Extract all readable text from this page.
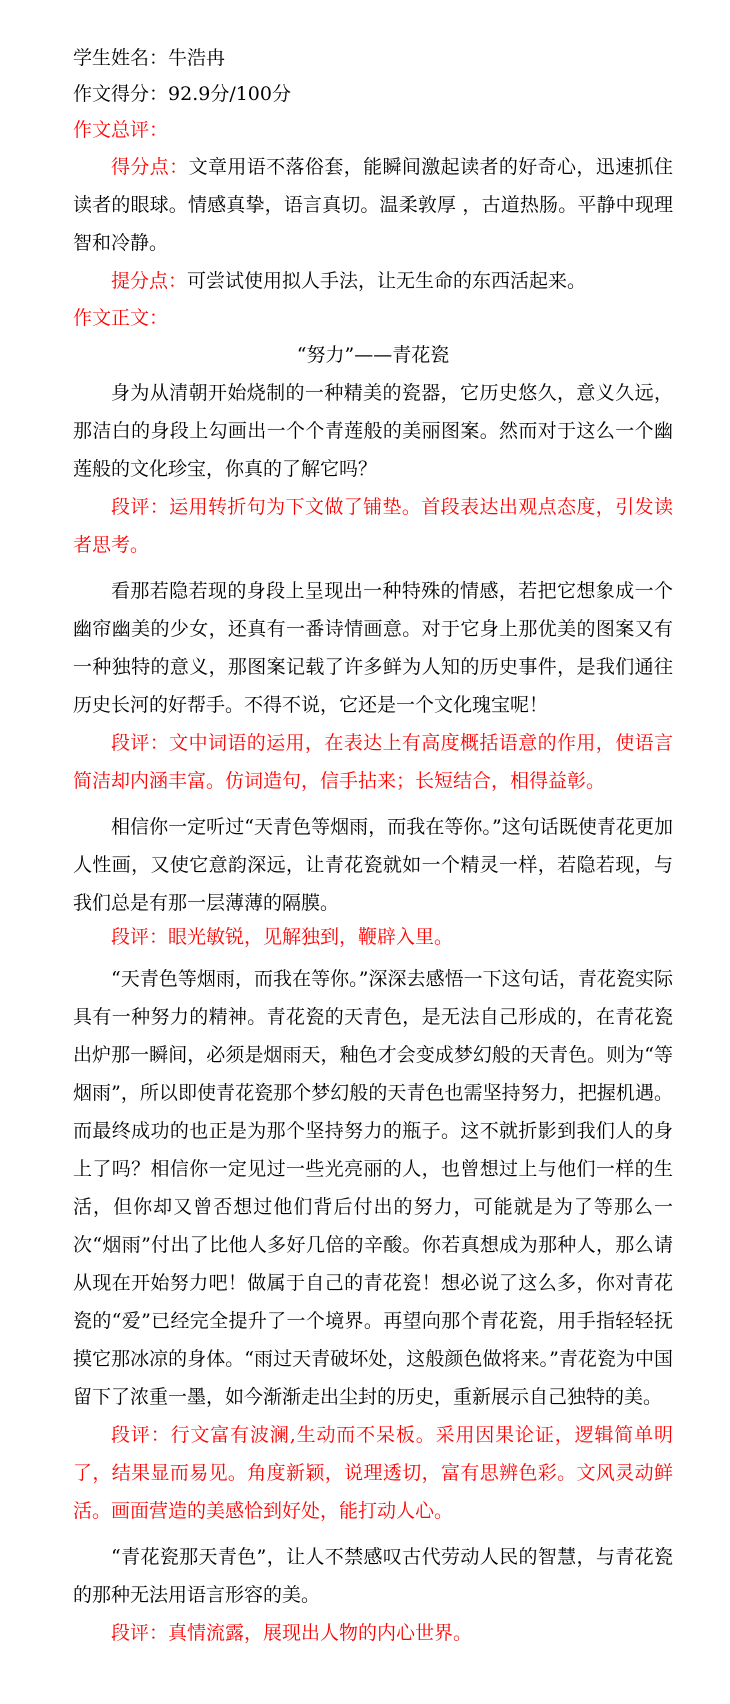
学生姓名：牛浩冉
作文得分：92.9分/100分
作文总评：
得分点：文章用语不落俗套，能瞬间激起读者的好奇心，迅速抓住读者的眼球。情感真挚，语言真切。温柔敦厚 ，古道热肠。平静中现理智和冷静。
提分点：可尝试使用拟人手法，让无生命的东西活起来。
作文正文：
“努力”——青花瓷
身为从清朝开始烧制的一种精美的瓷器，它历史悠久，意义久远，那洁白的身段上勾画出一个个青莲般的美丽图案。然而对于这么一个幽莲般的文化珍宝，你真的了解它吗？
段评：运用转折句为下文做了铺垫。首段表达出观点态度，引发读者思考。
看那若隐若现的身段上呈现出一种特殊的情感，若把它想象成一个幽帘幽美的少女，还真有一番诗情画意。对于它身上那优美的图案又有一种独特的意义，那图案记载了许多鲜为人知的历史事件，是我们通往历史长河的好帮手。不得不说，它还是一个文化瑰宝呢！
段评：文中词语的运用，在表达上有高度概括语意的作用，使语言简洁却内涵丰富。仿词造句，信手拈来；长短结合，相得益彰。
相信你一定听过“天青色等烟雨，而我在等你。”这句话既使青花更加人性画，又使它意韵深远，让青花瓷就如一个精灵一样，若隐若现，与我们总是有那一层薄薄的隔膜。
段评：眼光敏锐，见解独到，鞭辟入里。
“天青色等烟雨，而我在等你。”深深去感悟一下这句话，青花瓷实际具有一种努力的精神。青花瓷的天青色，是无法自己形成的，在青花瓷出炉那一瞬间，必须是烟雨天，釉色才会变成梦幻般的天青色。则为“等烟雨”，所以即使青花瓷那个梦幻般的天青色也需坚持努力，把握机遇。而最终成功的也正是为那个坚持努力的瓶子。这不就折影到我们人的身上了吗？相信你一定见过一些光亮丽的人，也曾想过上与他们一样的生活，但你却又曾否想过他们背后付出的努力，可能就是为了等那么一次“烟雨”付出了比他人多好几倍的辛酸。你若真想成为那种人，那么请从现在开始努力吧！做属于自己的青花瓷！想必说了这么多，你对青花瓷的“爱”已经完全提升了一个境界。再望向那个青花瓷，用手指轻轻抚摸它那冰凉的身体。“雨过天青破坏处，这般颜色做将来。”青花瓷为中国留下了浓重一墨，如今渐渐走出尘封的历史，重新展示自己独特的美。
段评：行文富有波澜,生动而不呆板。采用因果论证，逻辑简单明了，结果显而易见。角度新颖，说理透切，富有思辨色彩。文风灵动鲜活。画面营造的美感恰到好处，能打动人心。
“青花瓷那天青色”，让人不禁感叹古代劳动人民的智慧，与青花瓷的那种无法用语言形容的美。
段评：真情流露，展现出人物的内心世界。
